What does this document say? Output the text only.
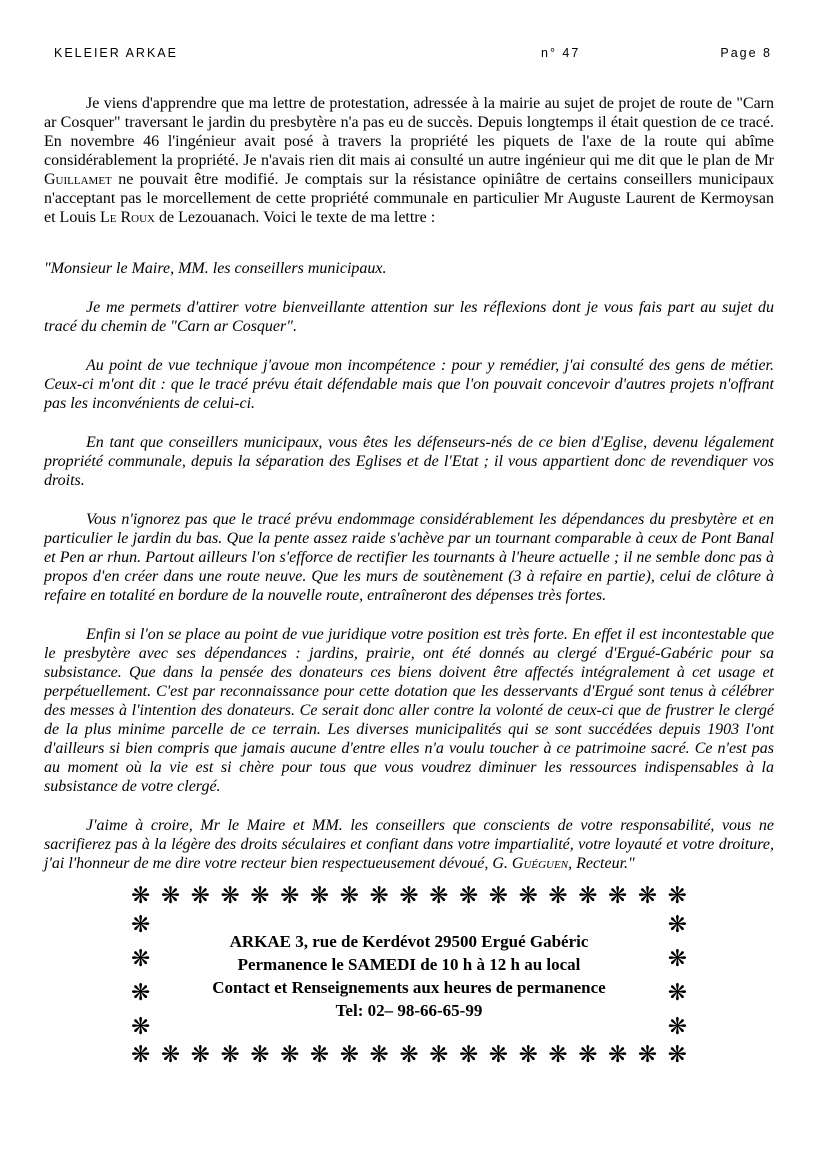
KELEIER ARKAE	n° 47	Page 8

Je viens d'apprendre que ma lettre de protestation, adressée à la mairie au sujet de projet de route de "Carn ar Cosquer" traversant le jardin du presbytère n'a pas eu de succès. Depuis longtemps il était question de ce tracé. En novembre 46 l'ingénieur avait posé à travers la propriété les piquets de l'axe de la route qui abîme considérablement la propriété. Je n'avais rien dit mais ai consulté un autre ingénieur qui me dit que le plan de Mr Guillamet ne pouvait être modifié. Je comptais sur la résistance opiniâtre de certains conseillers municipaux n'acceptant pas le morcellement de cette propriété communale en particulier Mr Auguste Laurent de Kermoysan et Louis Le Roux de Lezouanach. Voici le texte de ma lettre :

"Monsieur le Maire, MM. les conseillers municipaux.

Je me permets d'attirer votre bienveillante attention sur les réflexions dont je vous fais part au sujet du tracé du chemin de "Carn ar Cosquer".

Au point de vue technique j'avoue mon incompétence : pour y remédier, j'ai consulté des gens de métier. Ceux-ci m'ont dit : que le tracé prévu était défendable mais que l'on pouvait concevoir d'autres projets n'offrant pas les inconvénients de celui-ci.

En tant que conseillers municipaux, vous êtes les défenseurs-nés de ce bien d'Eglise, devenu légalement propriété communale, depuis la séparation des Eglises et de l'Etat ; il vous appartient donc de revendiquer vos droits.

Vous n'ignorez pas que le tracé prévu endommage considérablement les dépendances du presbytère et en particulier le jardin du bas. Que la pente assez raide s'achève par un tournant comparable à ceux de Pont Banal et Pen ar rhun. Partout ailleurs l'on s'efforce de rectifier les tournants à l'heure actuelle ; il ne semble donc pas à propos d'en créer dans une route neuve. Que les murs de soutènement (3 à refaire en partie), celui de clôture à refaire en totalité en bordure de la nouvelle route, entraîneront des dépenses très fortes.

Enfin si l'on se place au point de vue juridique votre position est très forte. En effet il est incontestable que le presbytère avec ses dépendances : jardins, prairie, ont été donnés au clergé d'Ergué-Gabéric pour sa subsistance. Que dans la pensée des donateurs ces biens doivent être affectés intégralement à cet usage et perpétuellement. C'est par reconnaissance pour cette dotation que les desservants d'Ergué sont tenus à célébrer des messes à l'intention des donateurs. Ce serait donc aller contre la volonté de ceux-ci que de frustrer le clergé de la plus minime parcelle de ce terrain. Les diverses municipalités qui se sont succédées depuis 1903 l'ont d'ailleurs si bien compris que jamais aucune d'entre elles n'a voulu toucher à ce patrimoine sacré. Ce n'est pas au moment où la vie est si chère pour tous que vous voudrez diminuer les ressources indispensables à la subsistance de votre clergé.

J'aime à croire, Mr le Maire et MM. les conseillers que conscients de votre responsabilité, vous ne sacrifierez pas à la légère des droits séculaires et confiant dans votre impartialité, votre loyauté et votre droiture, j'ai l'honneur de me dire votre recteur bien respectueusement dévoué, G. Guéguen, Recteur."

❋ ❋ ❋ ❋ ❋ ❋ ❋ ❋ ❋ ❋ ❋ ❋ ❋ ❋ ❋ ❋ ❋ ❋ ❋
❋
❋
❋
❋
ARKAE 3, rue de Kerdévot 29500 Ergué Gabéric
Permanence le SAMEDI de 10 h à 12 h au local
Contact et Renseignements aux heures de permanence
Tel: 02– 98-66-65-99
❋
❋
❋
❋
❋ ❋ ❋ ❋ ❋ ❋ ❋ ❋ ❋ ❋ ❋ ❋ ❋ ❋ ❋ ❋ ❋ ❋ ❋
